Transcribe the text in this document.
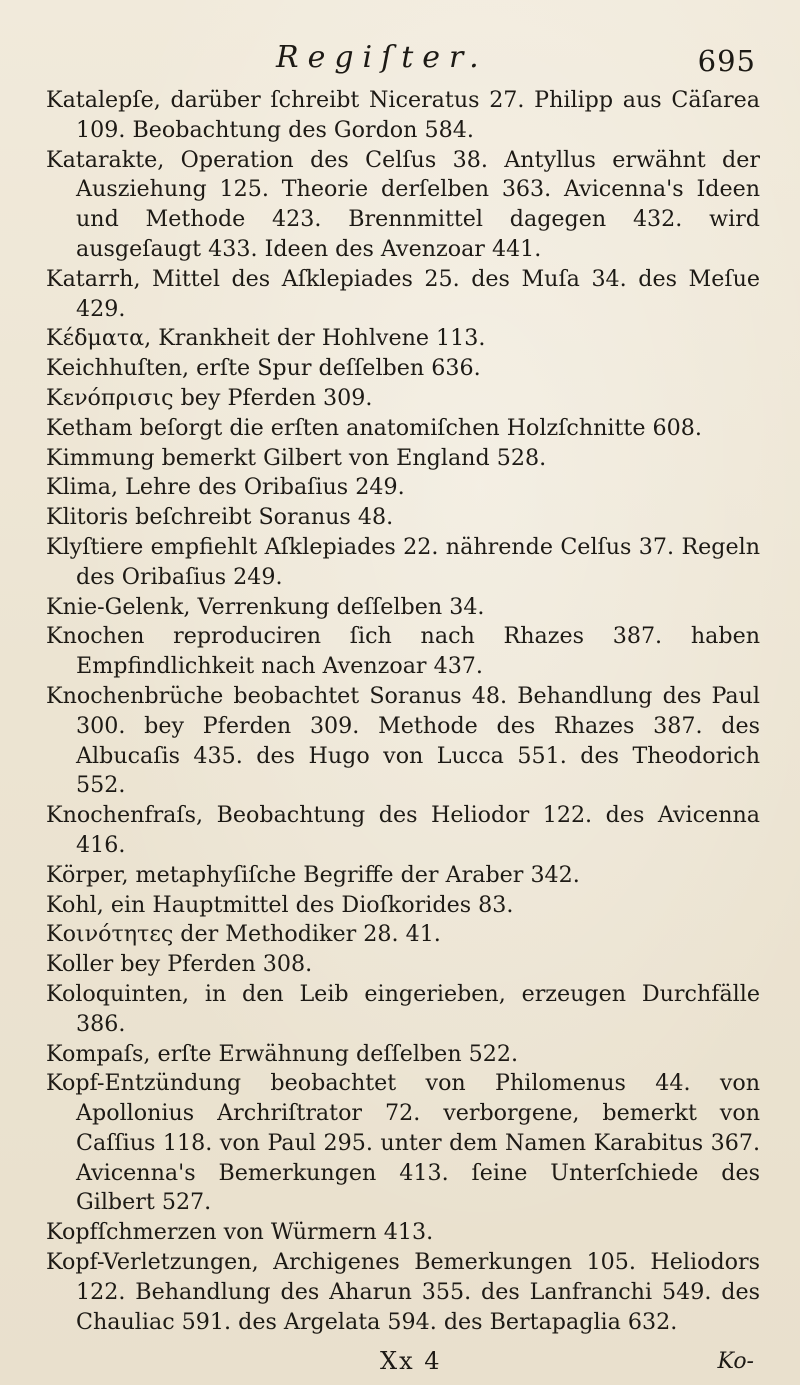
Regiſter.	695

Katalepſe, darüber ſchreibt Niceratus 27. Philipp aus Cäſarea 109. Beobachtung des Gordon 584.

Katarakte, Operation des Celſus 38. Antyllus erwähnt der Ausziehung 125. Theorie derſelben 363. Avicenna's Ideen und Methode 423. Brennmittel dagegen 432. wird ausgeſaugt 433. Ideen des Avenzoar 441.

Katarrh, Mittel des Aſklepiades 25. des Muſa 34. des Meſue 429.

Κέδματα, Krankheit der Hohlvene 113.

Keichhuſten, erſte Spur deſſelben 636.

Κενόπρισις bey Pferden 309.

Ketham beſorgt die erſten anatomiſchen Holzſchnitte 608.

Kimmung bemerkt Gilbert von England 528.

Klima, Lehre des Oribaſius 249.

Klitoris beſchreibt Soranus 48.

Klyſtiere empfiehlt Aſklepiades 22. nährende Celſus 37. Regeln des Oribaſius 249.

Knie-Gelenk, Verrenkung deſſelben 34.

Knochen reproduciren ſich nach Rhazes 387. haben Empfindlichkeit nach Avenzoar 437.

Knochenbrüche beobachtet Soranus 48. Behandlung des Paul 300. bey Pferden 309. Methode des Rhazes 387. des Albucaſis 435. des Hugo von Lucca 551. des Theodorich 552.

Knochenfraſs, Beobachtung des Heliodor 122. des Avicenna 416.

Körper, metaphyſiſche Begriffe der Araber 342.

Kohl, ein Hauptmittel des Dioſkorides 83.

Κοινότητες der Methodiker 28. 41.

Koller bey Pferden 308.

Koloquinten, in den Leib eingerieben, erzeugen Durchfälle 386.

Kompaſs, erſte Erwähnung deſſelben 522.

Kopf-Entzündung beobachtet von Philomenus 44. von Apollonius Archriſtrator 72. verborgene, bemerkt von Caſſius 118. von Paul 295. unter dem Namen Karabitus 367. Avicenna's Bemerkungen 413. ſeine Unterſchiede des Gilbert 527.

Kopfſchmerzen von Würmern 413.

Kopf-Verletzungen, Archigenes Bemerkungen 105. Heliodors 122. Behandlung des Aharun 355. des Lanfranchi 549. des Chauliac 591. des Argelata 594. des Bertapaglia 632.

Xx 4	Ko-
